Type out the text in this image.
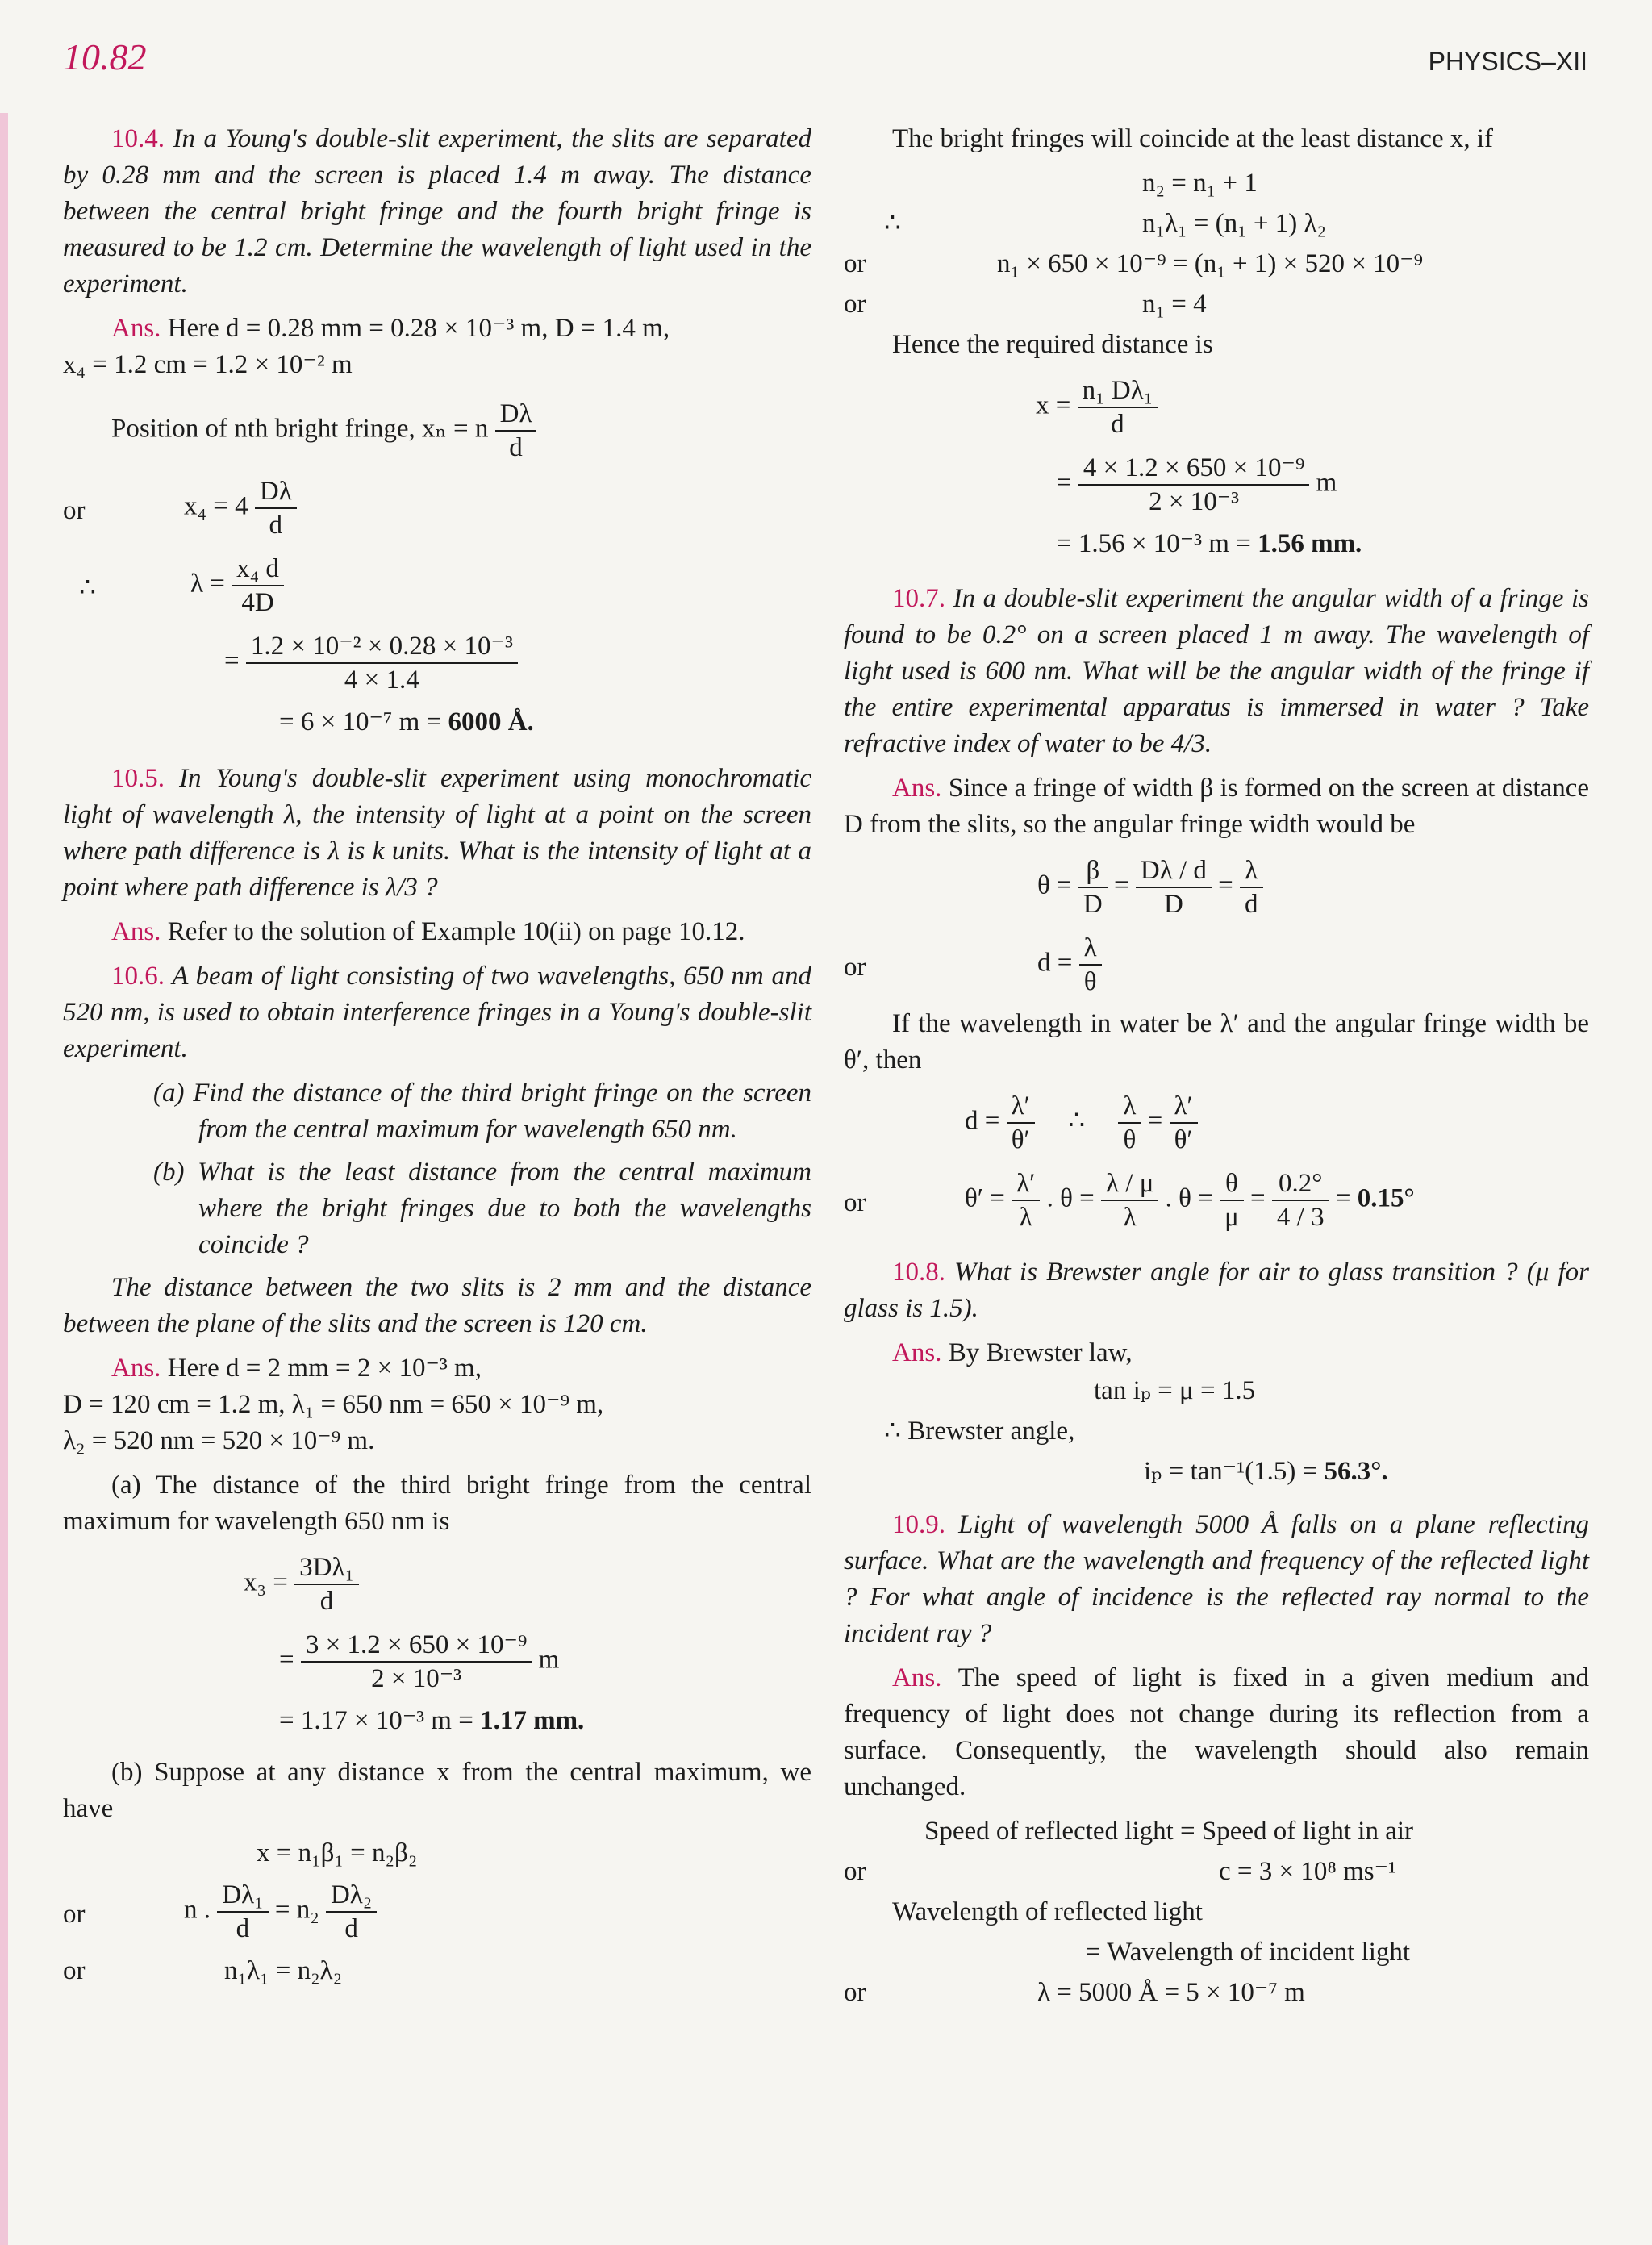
10.82	PHYSICS–XII

10.4. In a Young's double-slit experiment, the slits are separated by 0.28 mm and the screen is placed 1.4 m away. The distance between the central bright fringe and the fourth bright fringe is measured to be 1.2 cm. Determine the wavelength of light used in the experiment.

Ans. Here d = 0.28 mm = 0.28 × 10⁻³ m, D = 1.4 m,

x₄ = 1.2 cm = 1.2 × 10⁻² m

Position of nth bright fringe, xₙ = n $\frac{D\lambda}{d}$
or	$x_4 = 4 \frac{D\lambda}{d}$
∴	$\lambda = \frac{\text{x₄ d}}{4D}$
= $\frac{\text{1.2 × 10⁻² × 0.28 × 10⁻³}}{4 \times 1.4}$
= 6 × 10⁻⁷ m = 6000 Å.

10.5. In Young's double-slit experiment using monochromatic light of wavelength λ, the intensity of light at a point on the screen where path difference is λ is k units. What is the intensity of light at a point where path difference is λ/3 ?

Ans. Refer to the solution of Example 10(ii) on page 10.12.

10.6. A beam of light consisting of two wavelengths, 650 nm and 520 nm, is used to obtain interference fringes in a Young's double-slit experiment.

(a) Find the distance of the third bright fringe on the screen from the central maximum for wavelength 650 nm.

(b) What is the least distance from the central maximum where the bright fringes due to both the wavelengths coincide ?

The distance between the two slits is 2 mm and the distance between the plane of the slits and the screen is 120 cm.

Ans. Here d = 2 mm = 2 × 10⁻³ m,

D = 120 cm = 1.2 m, λ₁ = 650 nm = 650 × 10⁻⁹ m,

λ₂ = 520 nm = 520 × 10⁻⁹ m.

(a) The distance of the third bright fringe from the central maximum for wavelength 650 nm is

$x_3 = \frac{\text{3Dλ₁}}{d}$
= $\frac{\text{3 × 1.2 × 650 × 10⁻⁹}}{\text{2 × 10⁻³}}$ m
= 1.17 × 10⁻³ m = 1.17 mm.

(b) Suppose at any distance x from the central maximum, we have

x = n₁β₁ = n₂β₂
or	n . $\frac{\text{Dλ₁}}{d} = n_2 \frac{\text{Dλ₂}}{d}$
or	n₁λ₁ = n₂λ₂

The bright fringes will coincide at the least distance x, if

n₂ = n₁ + 1
∴	n₁λ₁ = (n₁ + 1) λ₂
or	n₁ × 650 × 10⁻⁹ = (n₁ + 1) × 520 × 10⁻⁹
or	n₁ = 4

Hence the required distance is

$x = \frac{\text{n₁ Dλ₁}}{d}$
= $\frac{\text{4 × 1.2 × 650 × 10⁻⁹}}{\text{2 × 10⁻³}}$ m
= 1.56 × 10⁻³ m = 1.56 mm.

10.7. In a double-slit experiment the angular width of a fringe is found to be 0.2° on a screen placed 1 m away. The wavelength of light used is 600 nm. What will be the angular width of the fringe if the entire experimental apparatus is immersed in water ? Take refractive index of water to be 4/3.

Ans. Since a fringe of width β is formed on the screen at distance D from the slits, so the angular fringe width would be

$\theta = \frac{\beta}{D} = \frac{D\lambda / d}{D} = \frac{\lambda}{d}$
or	$d = \frac{\lambda}{\theta}$

If the wavelength in water be λ′ and the angular fringe width be θ′, then

$d = \frac{\lambda'}{\theta'}$ ∴ $\frac{\lambda}{\theta} = \frac{\lambda'}{\theta'}$
or	$\theta' = \frac{\lambda'}{\lambda}$ . $\theta = \frac{\lambda / \mu}{\lambda}$ . $\theta = \frac{\theta}{\mu} = \frac{0.2^\circ}{4 / 3} = 0.15^\circ$

10.8. What is Brewster angle for air to glass transition ? (μ for glass is 1.5).

Ans. By Brewster law,

tan iₚ = μ = 1.5
∴ Brewster angle,
iₚ = tan⁻¹(1.5) = 56.3°.

10.9. Light of wavelength 5000 Å falls on a plane reflecting surface. What are the wavelength and frequency of the reflected light ? For what angle of incidence is the reflected ray normal to the incident ray ?

Ans. The speed of light is fixed in a given medium and frequency of light does not change during its reflection from a surface. Consequently, the wavelength should also remain unchanged.

Speed of reflected light = Speed of light in air
or	c = 3 × 10⁸ ms⁻¹
Wavelength of reflected light
= Wavelength of incident light
or	λ = 5000 Å = 5 × 10⁻⁷ m
